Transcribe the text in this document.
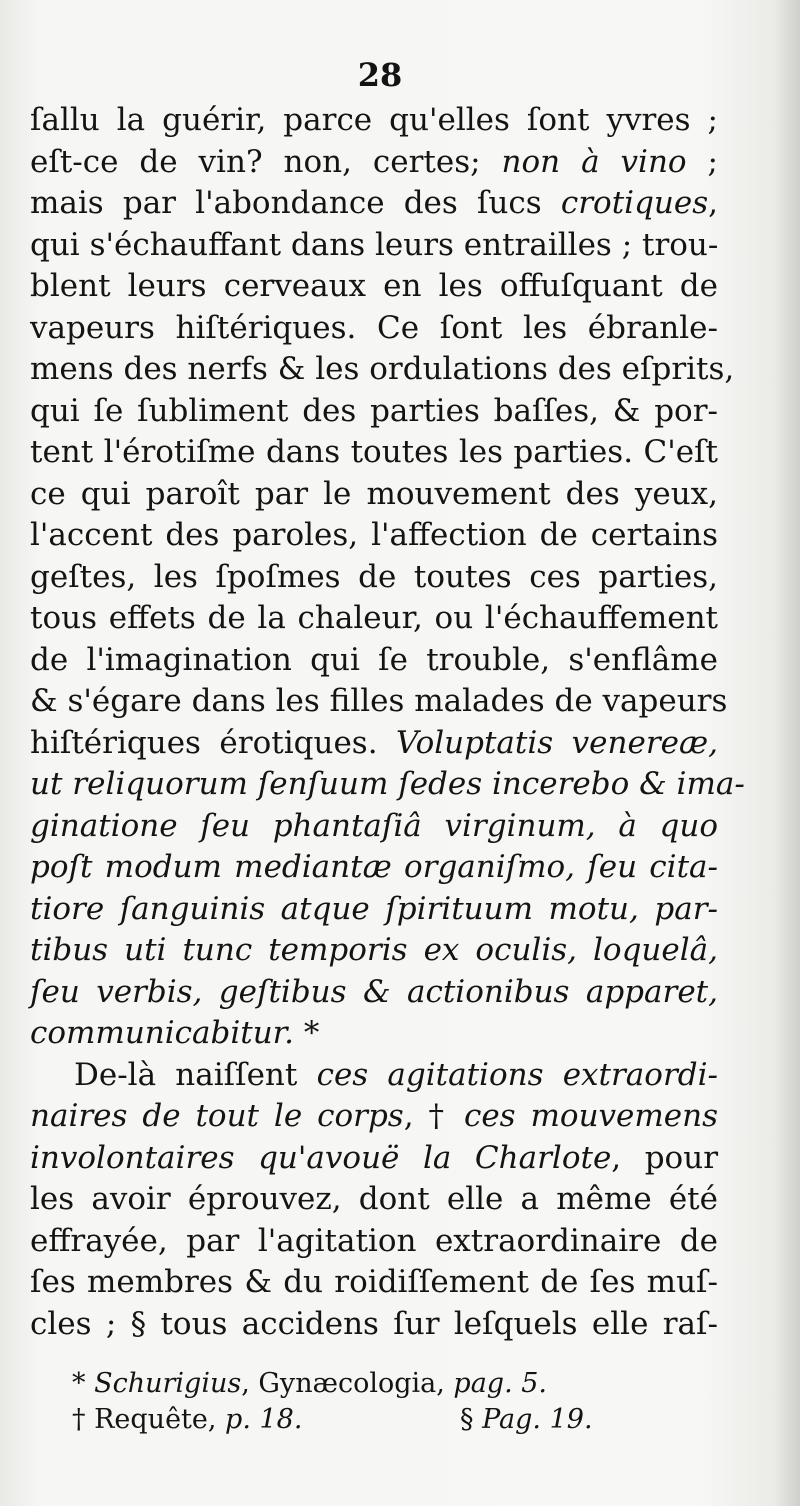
28
ſallu la guérir, parce qu'elles ſont yvres ;
eſt-ce de vin? non, certes; non à vino ;
mais par l'abondance des ſucs crotiques,
qui s'échauffant dans leurs entrailles ; trou-
blent leurs cerveaux en les offuſquant de
vapeurs hiſtériques. Ce ſont les ébranle-
mens des nerfs & les ordulations des eſprits,
qui ſe ſubliment des parties baſſes, & por-
tent l'érotiſme dans toutes les parties. C'eſt
ce qui paroît par le mouvement des yeux,
l'accent des paroles, l'affection de certains
geſtes, les ſpoſmes de toutes ces parties,
tous effets de la chaleur, ou l'échauffement
de l'imagination qui ſe trouble, s'enflâme
& s'égare dans les filles malades de vapeurs
hiſtériques érotiques. Voluptatis venereæ,
ut reliquorum ſenſuum ſedes incerebo & ima-
ginatione ſeu phantaſiâ virginum, à quo
poſt modum mediantæ organiſmo, ſeu cita-
tiore ſanguinis atque ſpirituum motu, par-
tibus uti tunc temporis ex oculis, loquelâ,
ſeu verbis, geſtibus & actionibus apparet,
communicabitur. *
De-là naiſſent ces agitations extraordi-
naires de tout le corps, † ces mouvemens
involontaires qu'avouë la Charlote, pour
les avoir éprouvez, dont elle a même été
effrayée, par l'agitation extraordinaire de
ſes membres & du roidiſſement de ſes muſ-
cles ; § tous accidens ſur leſquels elle raſ-
* Schurigius, Gynæcologia, pag. 5.
† Requête, p. 18.	§ Pag. 19.
